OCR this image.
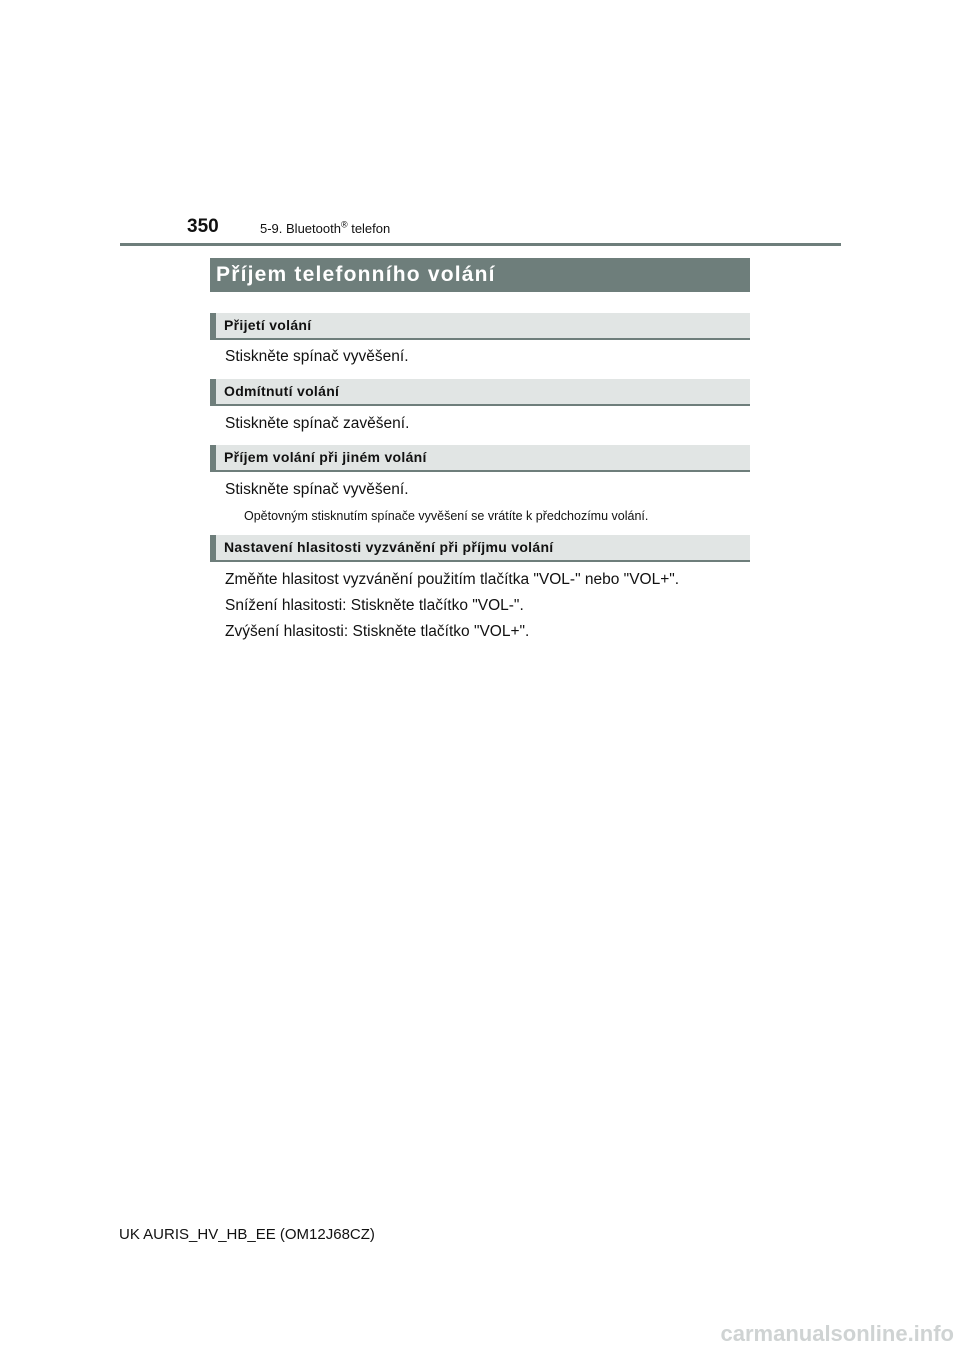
350	5-9. Bluetooth® telefon
Příjem telefonního volání
Přijetí volání
Stiskněte spínač vyvěšení.
Odmítnutí volání
Stiskněte spínač zavěšení.
Příjem volání při jiném volání
Stiskněte spínač vyvěšení.
Opětovným stisknutím spínače vyvěšení se vrátíte k předchozímu volání.
Nastavení hlasitosti vyzvánění při příjmu volání
Změňte hlasitost vyzvánění použitím tlačítka "VOL-" nebo "VOL+".
Snížení hlasitosti: Stiskněte tlačítko "VOL-".
Zvýšení hlasitosti: Stiskněte tlačítko "VOL+".
UK AURIS_HV_HB_EE (OM12J68CZ)
carmanualsonline.info
